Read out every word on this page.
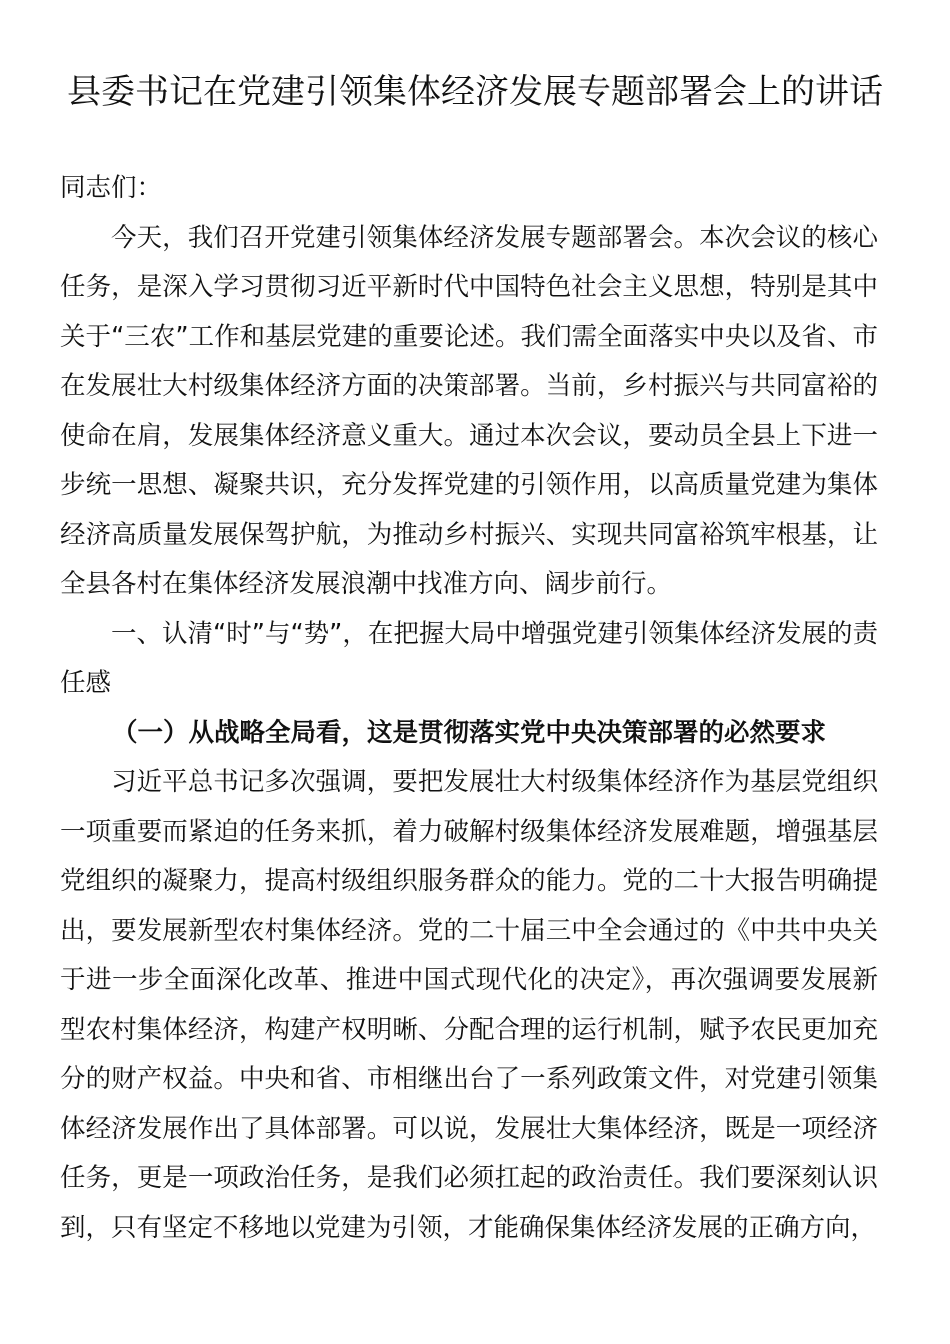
县委书记在党建引领集体经济发展专题部署会上的讲话

同志们：

今天，我们召开党建引领集体经济发展专题部署会。本次会议的核心任务，是深入学习贯彻习近平新时代中国特色社会主义思想，特别是其中关于“三农”工作和基层党建的重要论述。我们需全面落实中央以及省、市在发展壮大村级集体经济方面的决策部署。当前，乡村振兴与共同富裕的使命在肩，发展集体经济意义重大。通过本次会议，要动员全县上下进一步统一思想、凝聚共识，充分发挥党建的引领作用，以高质量党建为集体经济高质量发展保驾护航，为推动乡村振兴、实现共同富裕筑牢根基，让全县各村在集体经济发展浪潮中找准方向、阔步前行。

一、认清“时”与“势”，在把握大局中增强党建引领集体经济发展的责任感

（一）从战略全局看，这是贯彻落实党中央决策部署的必然要求

习近平总书记多次强调，要把发展壮大村级集体经济作为基层党组织一项重要而紧迫的任务来抓，着力破解村级集体经济发展难题，增强基层党组织的凝聚力，提高村级组织服务群众的能力。党的二十大报告明确提出，要发展新型农村集体经济。党的二十届三中全会通过的《中共中央关于进一步全面深化改革、推进中国式现代化的决定》，再次强调要发展新型农村集体经济，构建产权明晰、分配合理的运行机制，赋予农民更加充分的财产权益。中央和省、市相继出台了一系列政策文件，对党建引领集体经济发展作出了具体部署。可以说，发展壮大集体经济，既是一项经济任务，更是一项政治任务，是我们必须扛起的政治责任。我们要深刻认识到，只有坚定不移地以党建为引领，才能确保集体经济发展的正确方向，
